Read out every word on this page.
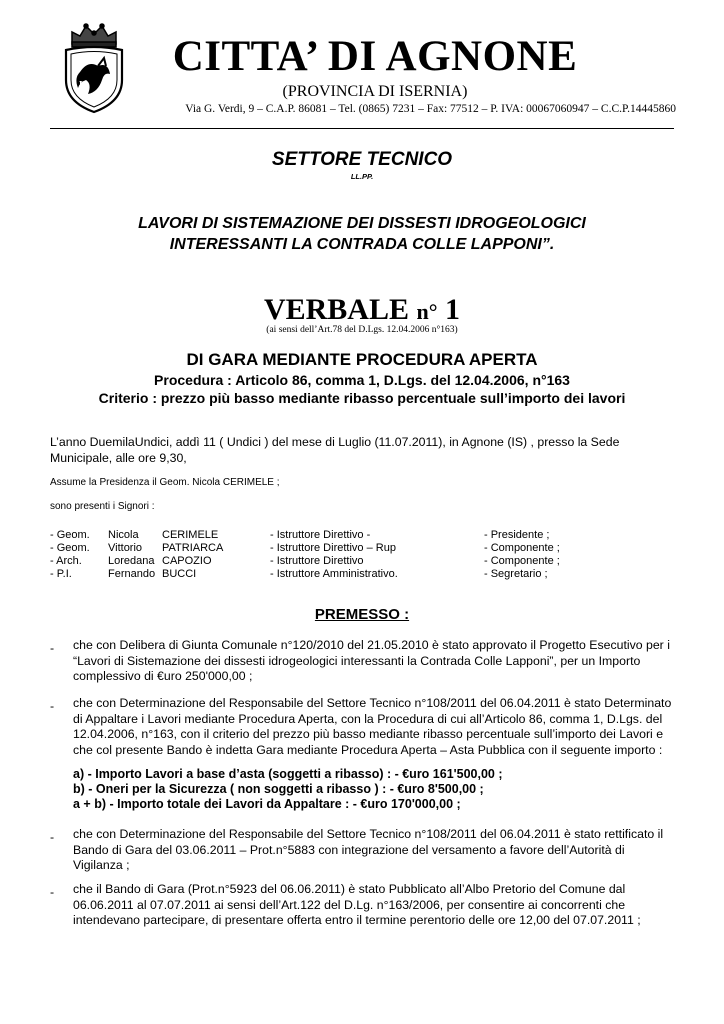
H
CITTA’ DI AGNONE
(PROVINCIA DI ISERNIA)
Via G. Verdi, 9 – C.A.P. 86081 – Tel. (0865) 7231 – Fax: 77512 – P. IVA: 00067060947 – C.C.P.14445860
SETTORE TECNICO
LL.PP.
LAVORI DI SISTEMAZIONE DEI DISSESTI IDROGEOLOGICI
INTERESSANTI LA CONTRADA COLLE LAPPONI”.
VERBALE n° 1
(ai sensi dell’Art.78 del D.Lgs. 12.04.2006 n°163)
DI GARA MEDIANTE PROCEDURA APERTA
Procedura : Articolo 86, comma 1, D.Lgs. del 12.04.2006, n°163
Criterio : prezzo più basso mediante ribasso percentuale sull’importo dei lavori
L’anno DuemilaUndici, addì 11 ( Undici ) del mese di Luglio (11.07.2011), in Agnone (IS) , presso la Sede Municipale, alle ore 9,30,
Assume la Presidenza il Geom. Nicola CERIMELE ;
sono presenti i Signori :
- Geom. Nicola CERIMELE	- Istruttore Direttivo -	- Presidente ;
- Geom. Vittorio PATRIARCA	- Istruttore Direttivo – Rup	- Componente ;
- Arch. Loredana CAPOZIO	- Istruttore Direttivo	- Componente ;
- P.I.	Fernando BUCCI	- Istruttore Amministrativo.	- Segretario ;
PREMESSO :
- che con Delibera di Giunta Comunale n°120/2010 del 21.05.2010 è stato approvato il Progetto Esecutivo per i “Lavori di Sistemazione dei dissesti idrogeologici interessanti la Contrada Colle Lapponi”, per un Importo complessivo di €uro 250'000,00 ;
- che con Determinazione del Responsabile del Settore Tecnico n°108/2011 del 06.04.2011 è stato Determinato di Appaltare i Lavori mediante Procedura Aperta, con la Procedura di cui all’Articolo 86, comma 1, D.Lgs. del 12.04.2006, n°163, con il criterio del prezzo più basso mediante ribasso percentuale sull’importo dei Lavori e che col presente Bando è indetta Gara mediante Procedura Aperta – Asta Pubblica con il seguente importo :
a) - Importo Lavori a base d’asta (soggetti a ribasso) : - €uro 161'500,00 ;
b) - Oneri per la Sicurezza ( non soggetti a ribasso ) : - €uro 8'500,00 ;
a + b) - Importo totale dei Lavori da Appaltare : - €uro 170'000,00 ;
- che con Determinazione del Responsabile del Settore Tecnico n°108/2011 del 06.04.2011 è stato rettificato il Bando di Gara del 03.06.2011 – Prot.n°5883 con integrazione del versamento a favore dell’Autorità di Vigilanza ;
- che il Bando di Gara (Prot.n°5923 del 06.06.2011) è stato Pubblicato all’Albo Pretorio del Comune dal 06.06.2011 al 07.07.2011 ai sensi dell’Art.122 del D.Lg. n°163/2006, per consentire ai concorrenti che intendevano partecipare, di presentare offerta entro il termine perentorio delle ore 12,00 del 07.07.2011 ;
